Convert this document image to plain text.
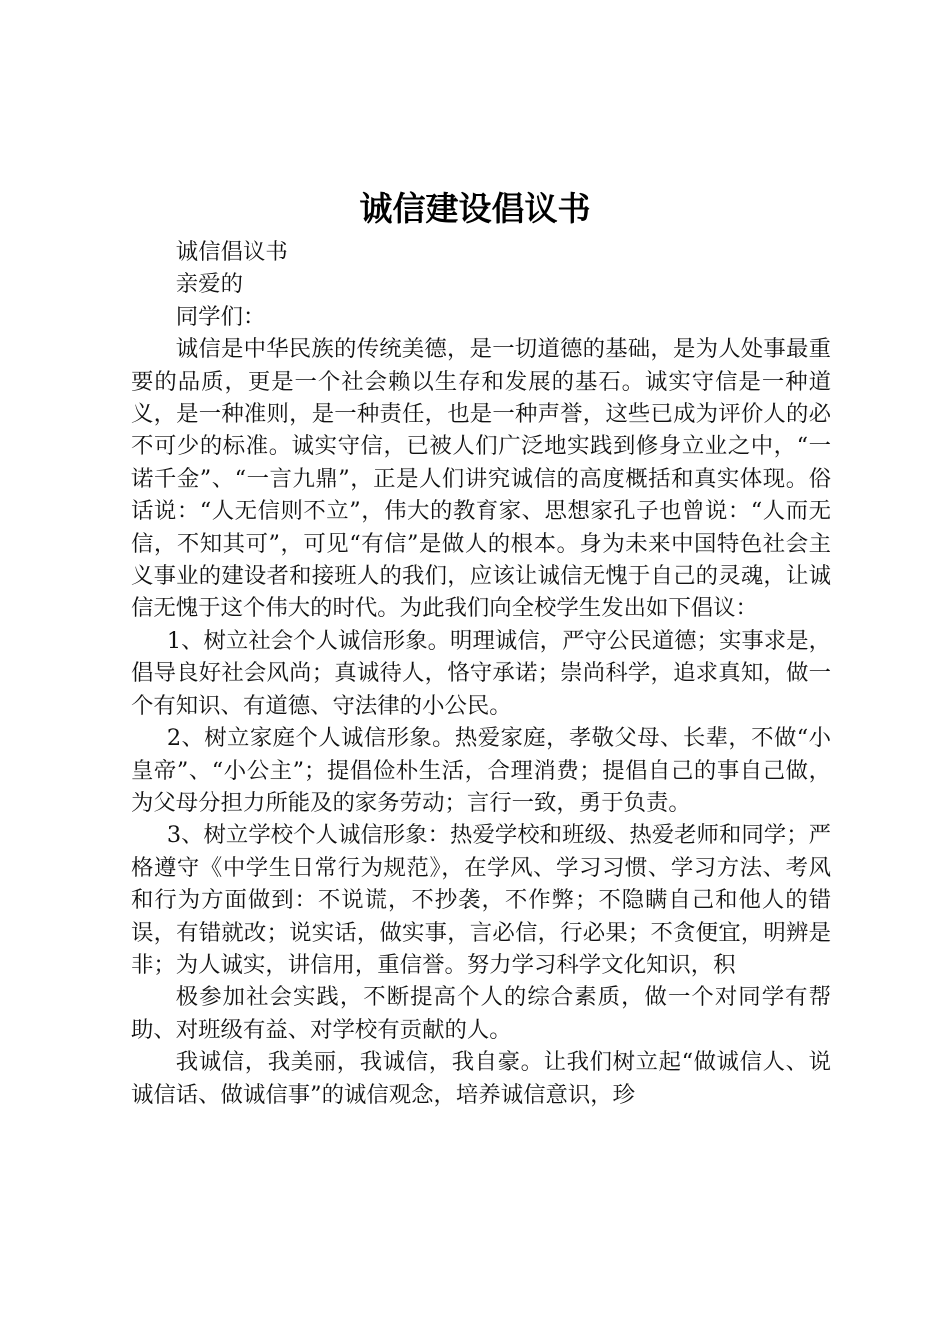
诚信建设倡议书

诚信倡议书

亲爱的

同学们：

诚信是中华民族的传统美德，是一切道德的基础，是为人处事最重要的品质，更是一个社会赖以生存和发展的基石。诚实守信是一种道义，是一种准则，是一种责任，也是一种声誉，这些已成为评价人的必不可少的标准。诚实守信，已被人们广泛地实践到修身立业之中，“一诺千金”、“一言九鼎”，正是人们讲究诚信的高度概括和真实体现。俗话说：“人无信则不立”，伟大的教育家、思想家孔子也曾说：“人而无信，不知其可”，可见“有信”是做人的根本。身为未来中国特色社会主义事业的建设者和接班人的我们，应该让诚信无愧于自己的灵魂，让诚信无愧于这个伟大的时代。为此我们向全校学生发出如下倡议：

1、树立社会个人诚信形象。明理诚信，严守公民道德；实事求是，倡导良好社会风尚；真诚待人，恪守承诺；崇尚科学，追求真知，做一个有知识、有道德、守法律的小公民。

2、树立家庭个人诚信形象。热爱家庭，孝敬父母、长辈，不做“小皇帝”、“小公主”；提倡俭朴生活，合理消费；提倡自己的事自己做，为父母分担力所能及的家务劳动；言行一致，勇于负责。

3、树立学校个人诚信形象：热爱学校和班级、热爱老师和同学；严格遵守《中学生日常行为规范》，在学风、学习习惯、学习方法、考风和行为方面做到：不说谎，不抄袭，不作弊；不隐瞒自己和他人的错误，有错就改；说实话，做实事，言必信，行必果；不贪便宜，明辨是非；为人诚实，讲信用，重信誉。努力学习科学文化知识，积

极参加社会实践，不断提高个人的综合素质，做一个对同学有帮助、对班级有益、对学校有贡献的人。

我诚信，我美丽，我诚信，我自豪。让我们树立起“做诚信人、说诚信话、做诚信事”的诚信观念，培养诚信意识，珍
